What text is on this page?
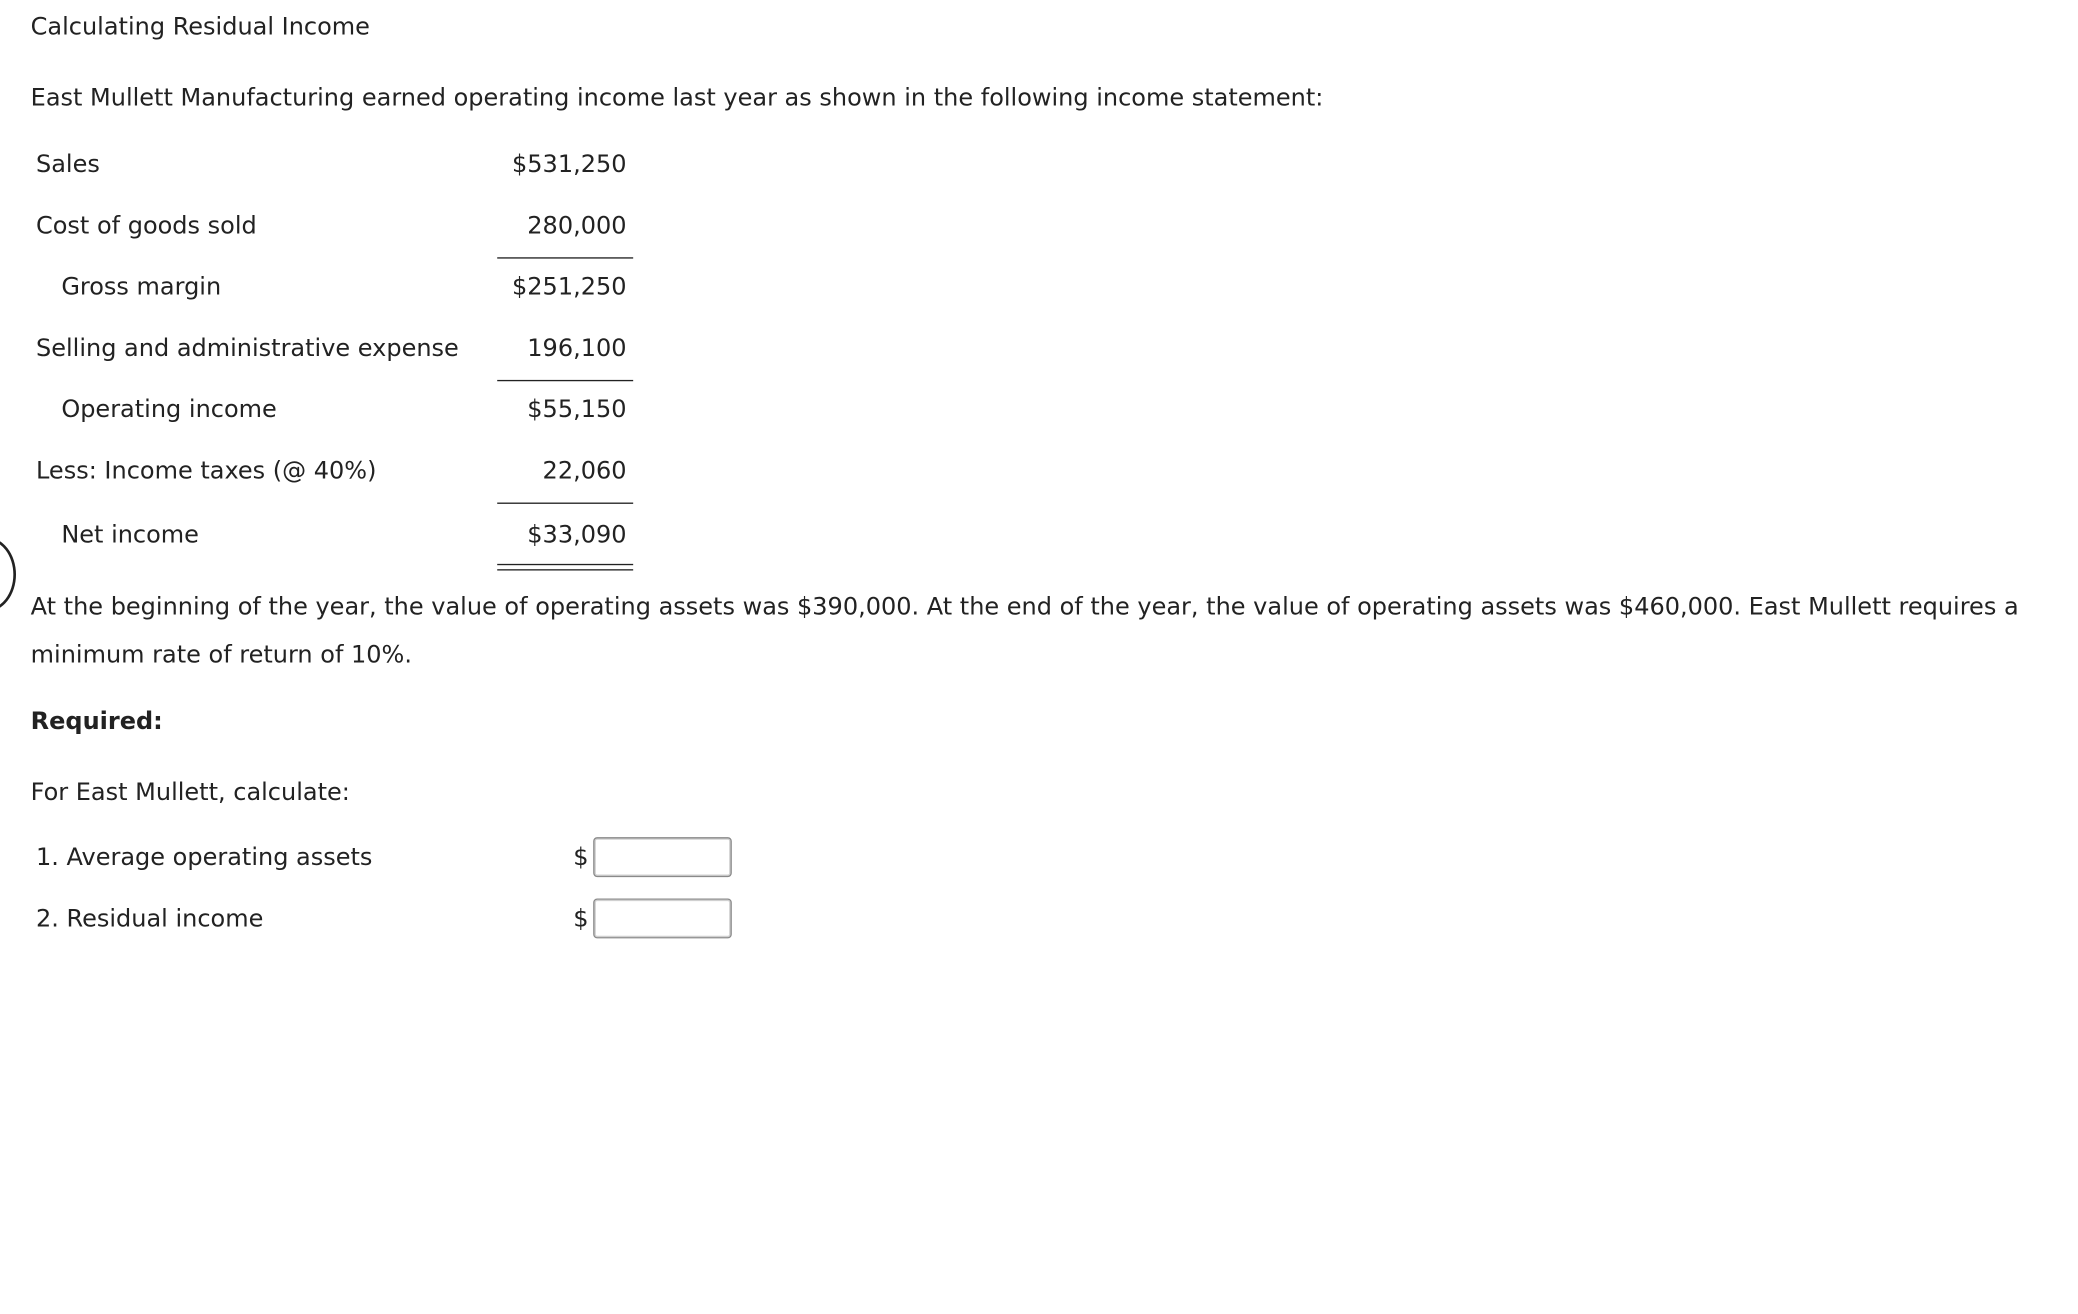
Calculating Residual Income
East Mullett Manufacturing earned operating income last year as shown in the following income statement:
Sales	$531,250
Cost of goods sold	280,000
Gross margin	$251,250
Selling and administrative expense	196,100
Operating income	$55,150
Less: Income taxes (@ 40%)	22,060
Net income	$33,090
At the beginning of the year, the value of operating assets was $390,000. At the end of the year, the value of operating assets was $460,000. East Mullett requires a minimum rate of return of 10%.
Required:
For East Mullett, calculate:
1. Average operating assets	$
2. Residual income	$
